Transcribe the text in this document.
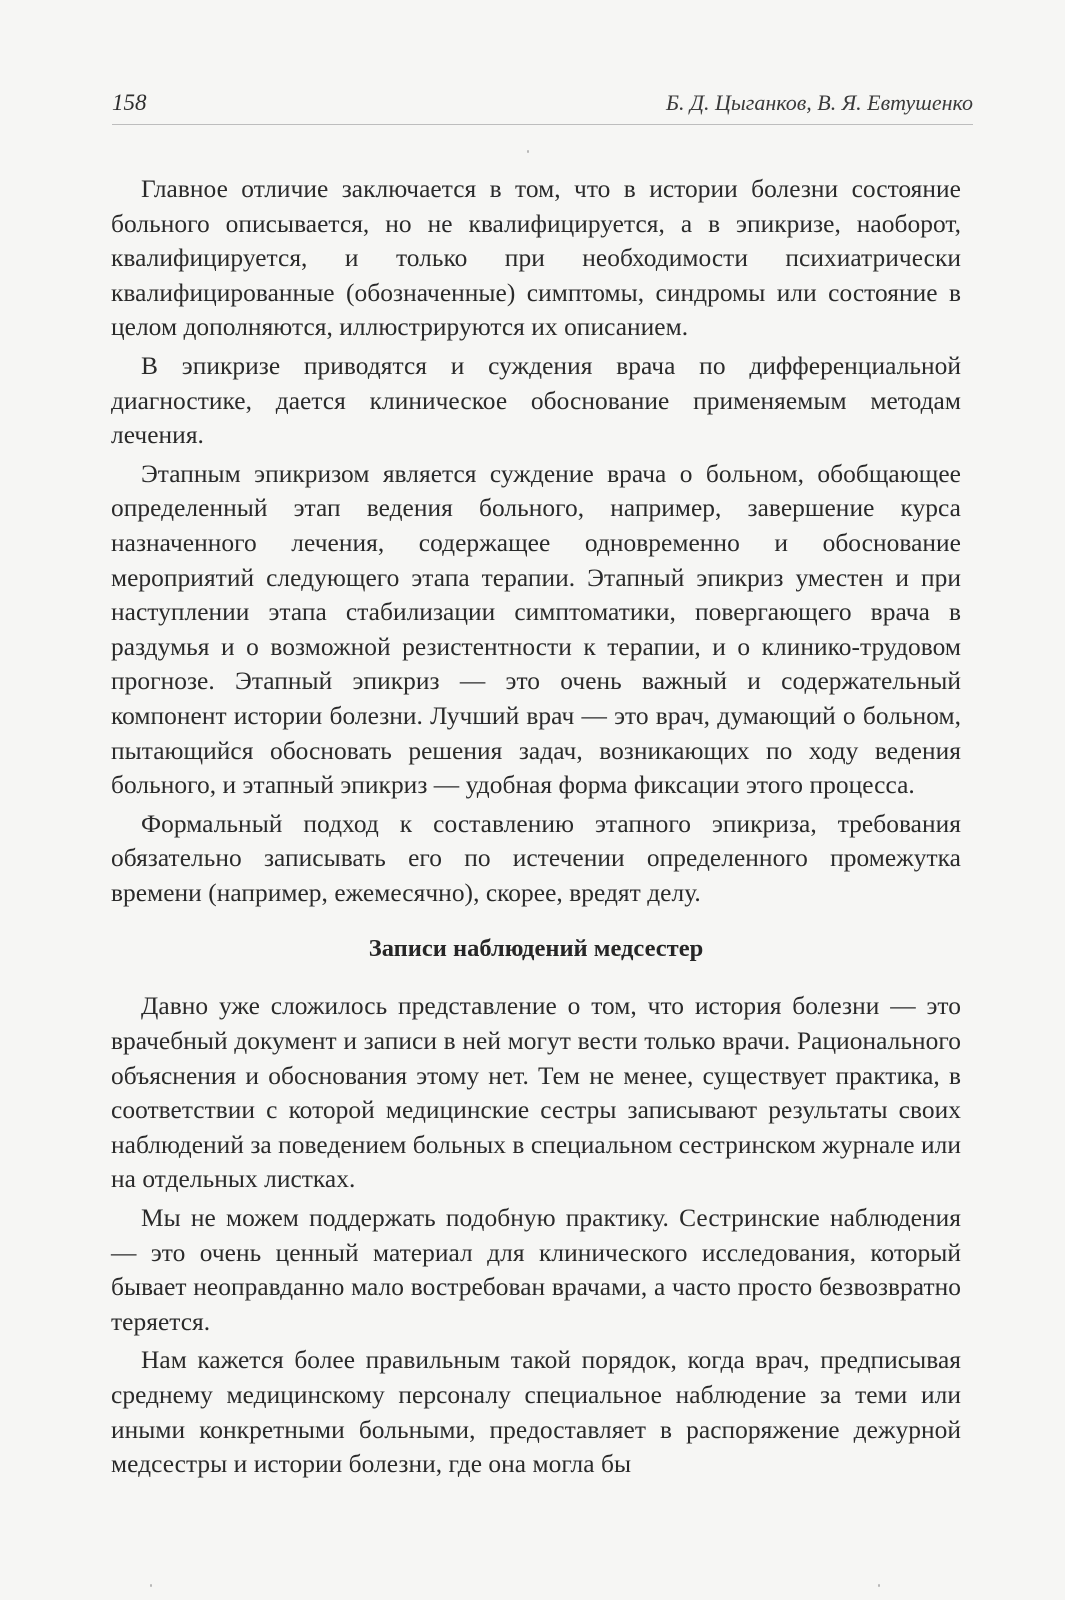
158	Б. Д. Цыганков, В. Я. Евтушенко

Главное отличие заключается в том, что в истории болезни состояние больного описывается, но не квалифицируется, а в эпикризе, наоборот, квалифицируется, и только при необходимости психиатрически квалифицированные (обозначенные) симптомы, синдромы или состояние в целом дополняются, иллюстрируются их описанием.

В эпикризе приводятся и суждения врача по дифференциальной диагностике, дается клиническое обоснование применяемым методам лечения.

Этапным эпикризом является суждение врача о больном, обобщающее определенный этап ведения больного, например, завершение курса назначенного лечения, содержащее одновременно и обоснование мероприятий следующего этапа терапии. Этапный эпикриз уместен и при наступлении этапа стабилизации симптоматики, повергающего врача в раздумья и о возможной резистентности к терапии, и о клинико-трудовом прогнозе. Этапный эпикриз — это очень важный и содержательный компонент истории болезни. Лучший врач — это врач, думающий о больном, пытающийся обосновать решения задач, возникающих по ходу ведения больного, и этапный эпикриз — удобная форма фиксации этого процесса.

Формальный подход к составлению этапного эпикриза, требования обязательно записывать его по истечении определенного промежутка времени (например, ежемесячно), скорее, вредят делу.

Записи наблюдений медсестер

Давно уже сложилось представление о том, что история болезни — это врачебный документ и записи в ней могут вести только врачи. Рационального объяснения и обоснования этому нет. Тем не менее, существует практика, в соответствии с которой медицинские сестры записывают результаты своих наблюдений за поведением больных в специальном сестринском журнале или на отдельных листках.

Мы не можем поддержать подобную практику. Сестринские наблюдения — это очень ценный материал для клинического исследования, который бывает неоправданно мало востребован врачами, а часто просто безвозвратно теряется.

Нам кажется более правильным такой порядок, когда врач, предписывая среднему медицинскому персоналу специальное наблюдение за теми или иными конкретными больными, предоставляет в распоряжение дежурной медсестры и истории болезни, где она могла бы
